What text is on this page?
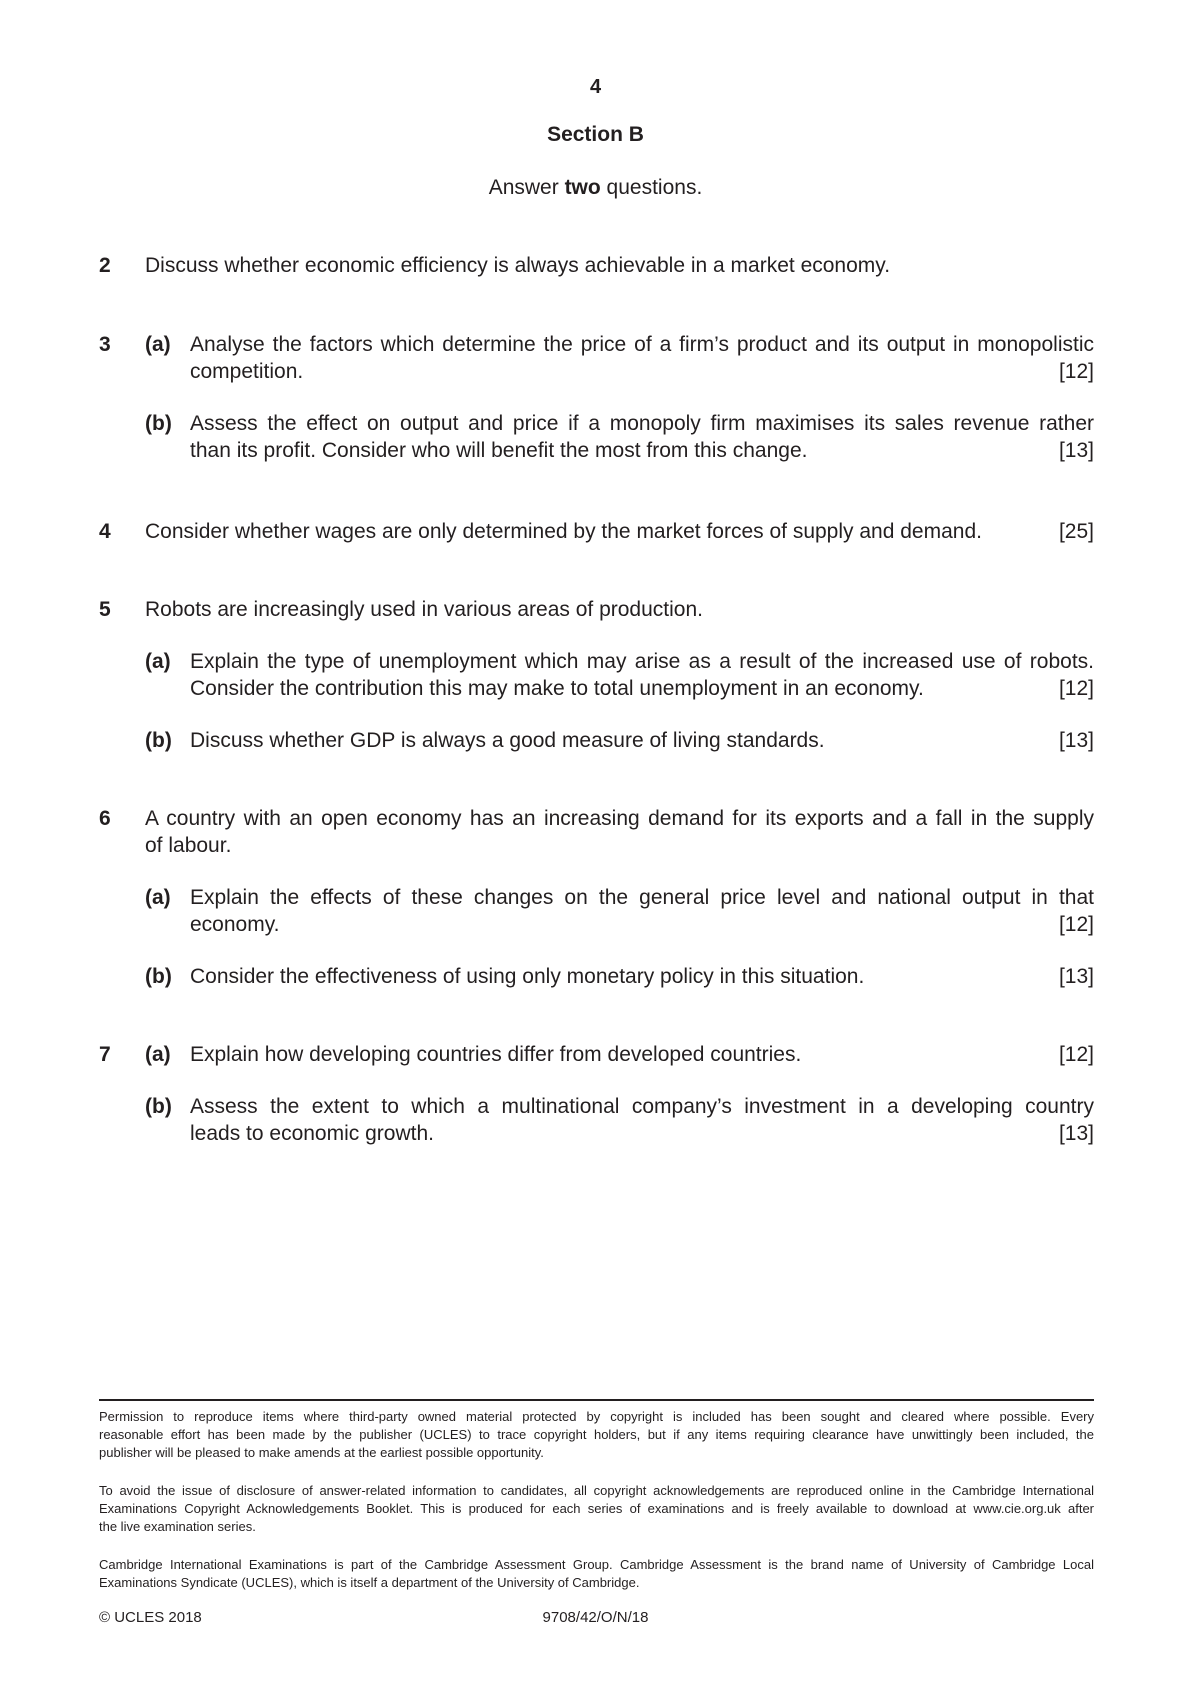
4
Section B
Answer two questions.
2 Discuss whether economic efficiency is always achievable in a market economy.
3 (a) Analyse the factors which determine the price of a firm’s product and its output in monopolistic
competition.	[12]
(b) Assess the effect on output and price if a monopoly firm maximises its sales revenue rather
than its profit. Consider who will benefit the most from this change.	[13]
4 Consider whether wages are only determined by the market forces of supply and demand.	[25]
5 Robots are increasingly used in various areas of production.
(a) Explain the type of unemployment which may arise as a result of the increased use of robots.
Consider the contribution this may make to total unemployment in an economy.	[12]
(b) Discuss whether GDP is always a good measure of living standards.	[13]
6 A country with an open economy has an increasing demand for its exports and a fall in the supply
of labour.
(a) Explain the effects of these changes on the general price level and national output in that
economy.	[12]
(b) Consider the effectiveness of using only monetary policy in this situation.	[13]
7 (a) Explain how developing countries differ from developed countries.	[12]
(b) Assess the extent to which a multinational company’s investment in a developing country
leads to economic growth.	[13]
Permission to reproduce items where third-party owned material protected by copyright is included has been sought and cleared where possible. Every
reasonable effort has been made by the publisher (UCLES) to trace copyright holders, but if any items requiring clearance have unwittingly been included, the
publisher will be pleased to make amends at the earliest possible opportunity.
To avoid the issue of disclosure of answer-related information to candidates, all copyright acknowledgements are reproduced online in the Cambridge International
Examinations Copyright Acknowledgements Booklet. This is produced for each series of examinations and is freely available to download at www.cie.org.uk after
the live examination series.
Cambridge International Examinations is part of the Cambridge Assessment Group. Cambridge Assessment is the brand name of University of Cambridge Local
Examinations Syndicate (UCLES), which is itself a department of the University of Cambridge.
© UCLES 2018	9708/42/O/N/18
